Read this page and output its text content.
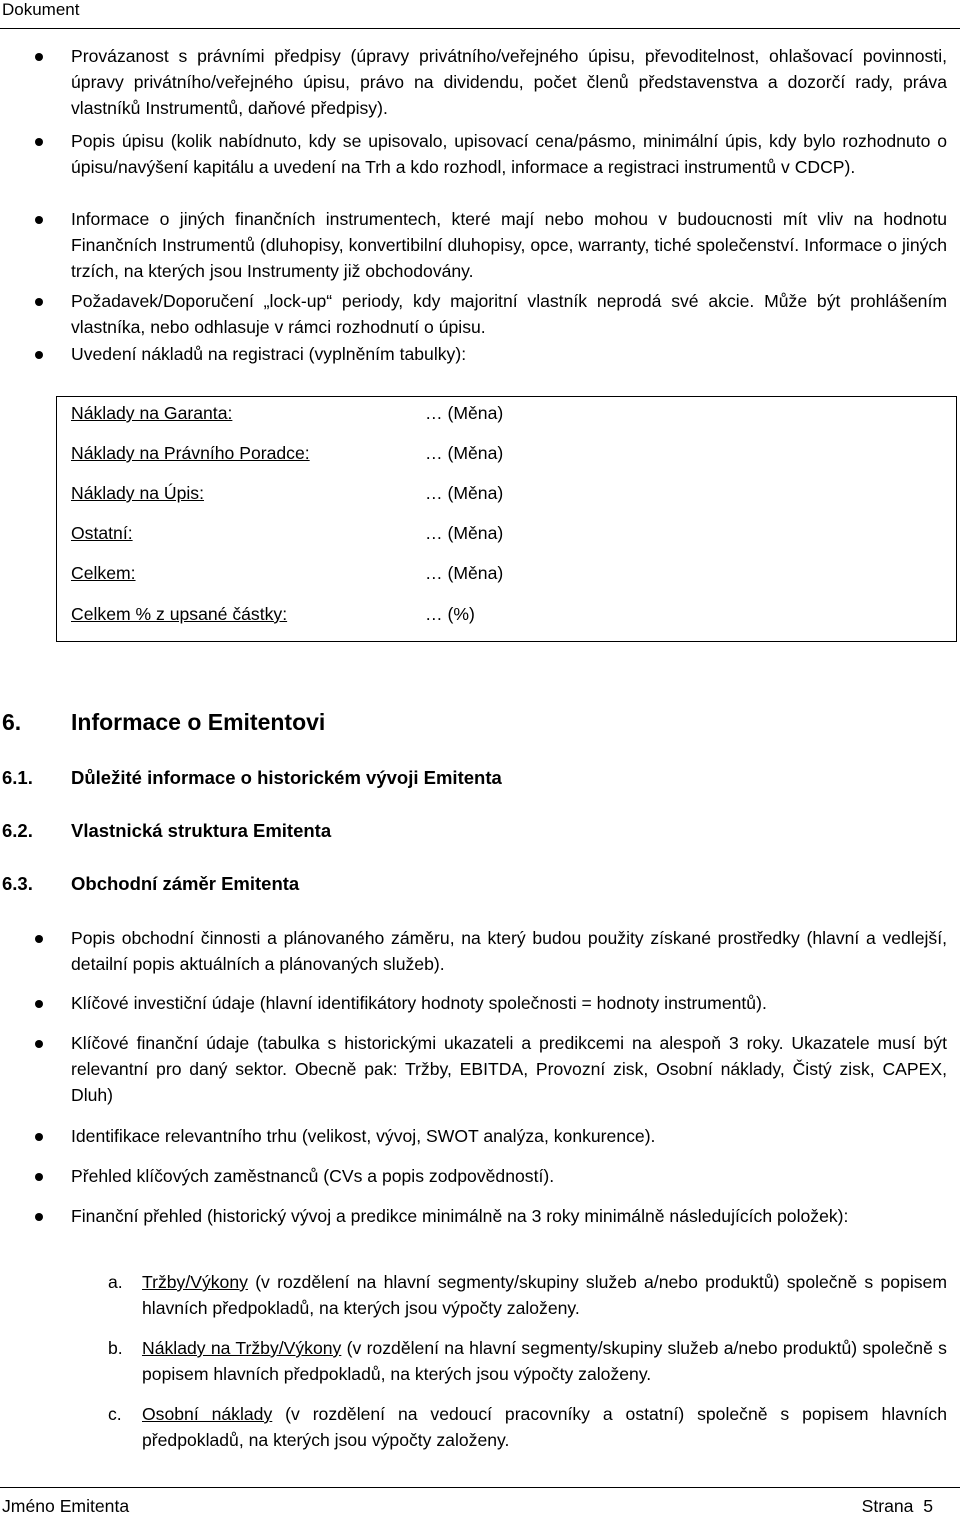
Dokument
Provázanost s právními předpisy (úpravy privátního/veřejného úpisu, převoditelnost, ohlašovací povinnosti, úpravy privátního/veřejného úpisu, právo na dividendu, počet členů představenstva a dozorčí rady, práva vlastníků Instrumentů, daňové předpisy).
Popis úpisu (kolik nabídnuto, kdy se upisovalo, upisovací cena/pásmo, minimální úpis, kdy bylo rozhodnuto o úpisu/navýšení kapitálu a uvedení na Trh a kdo rozhodl, informace a registraci instrumentů v CDCP).
Informace o jiných finančních instrumentech, které mají nebo mohou v budoucnosti mít vliv na hodnotu Finančních Instrumentů (dluhopisy, konvertibilní dluhopisy, opce, warranty, tiché společenství. Informace o jiných trzích, na kterých jsou Instrumenty již obchodovány.
Požadavek/Doporučení „lock-up“ periody, kdy majoritní vlastník neprodá své akcie. Může být prohlášením vlastníka, nebo odhlasuje v rámci rozhodnutí o úpisu.
Uvedení nákladů na registraci (vyplněním tabulky):
Náklady na Garanta:	… (Měna)
Náklady na Právního Poradce:	… (Měna)
Náklady na Úpis:	… (Měna)
Ostatní:	… (Měna)
Celkem:	… (Měna)
Celkem % z upsané částky:	… (%)
6. Informace o Emitentovi
6.1. Důležité informace o historickém vývoji Emitenta
6.2. Vlastnická struktura Emitenta
6.3. Obchodní záměr Emitenta
Popis obchodní činnosti a plánovaného záměru, na který budou použity získané prostředky (hlavní a vedlejší, detailní popis aktuálních a plánovaných služeb).
Klíčové investiční údaje (hlavní identifikátory hodnoty společnosti = hodnoty instrumentů).
Klíčové finanční údaje (tabulka s historickými ukazateli a predikcemi na alespoň 3 roky. Ukazatele musí být relevantní pro daný sektor. Obecně pak: Tržby, EBITDA, Provozní zisk, Osobní náklady, Čistý zisk, CAPEX, Dluh)
Identifikace relevantního trhu (velikost, vývoj, SWOT analýza, konkurence).
Přehled klíčových zaměstnanců (CVs a popis zodpovědností).
Finanční přehled (historický vývoj a predikce minimálně na 3 roky minimálně následujících položek):
a. Tržby/Výkony (v rozdělení na hlavní segmenty/skupiny služeb a/nebo produktů) společně s popisem hlavních předpokladů, na kterých jsou výpočty založeny.
b. Náklady na Tržby/Výkony (v rozdělení na hlavní segmenty/skupiny služeb a/nebo produktů) společně s popisem hlavních předpokladů, na kterých jsou výpočty založeny.
c. Osobní náklady (v rozdělení na vedoucí pracovníky a ostatní) společně s popisem hlavních předpokladů, na kterých jsou výpočty založeny.
Jméno Emitenta	Strana  5
